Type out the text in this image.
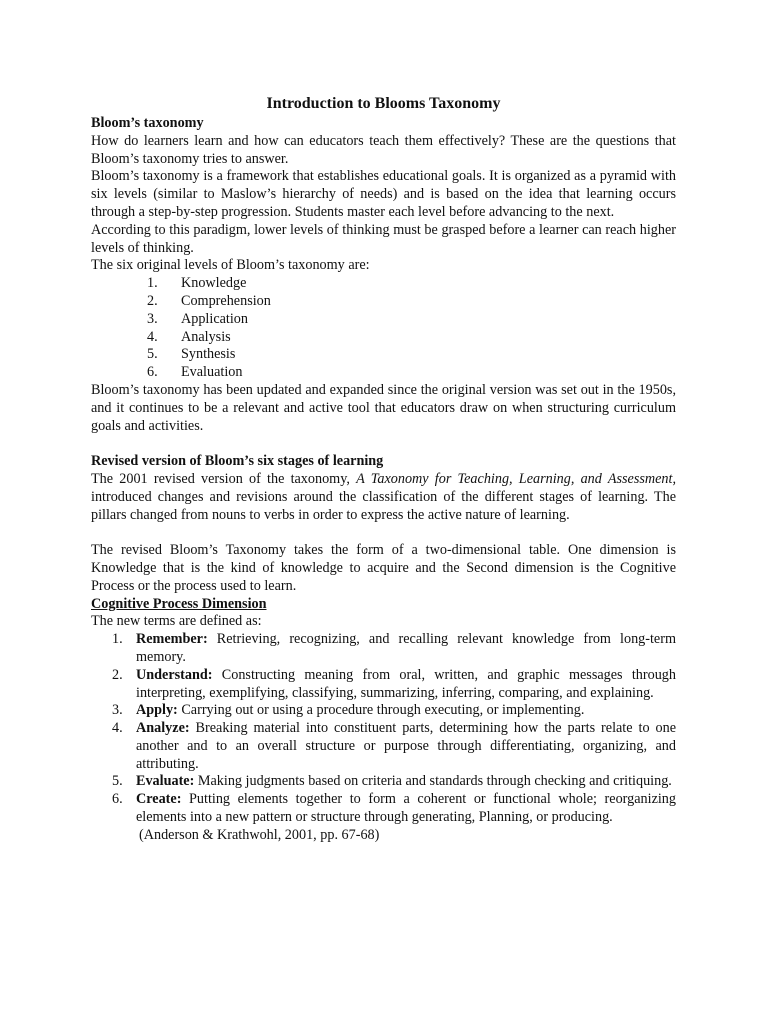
Introduction to Blooms Taxonomy
Bloom’s taxonomy

How do learners learn and how can educators teach them effectively? These are the questions that Bloom’s taxonomy tries to answer.

Bloom’s taxonomy is a framework that establishes educational goals. It is organized as a pyramid with six levels (similar to Maslow’s hierarchy of needs) and is based on the idea that learning occurs through a step-by-step progression. Students master each level before advancing to the next.

According to this paradigm, lower levels of thinking must be grasped before a learner can reach higher levels of thinking.

The six original levels of Bloom’s taxonomy are:

1. Knowledge
2. Comprehension
3. Application
4. Analysis
5. Synthesis
6. Evaluation

Bloom’s taxonomy has been updated and expanded since the original version was set out in the 1950s, and it continues to be a relevant and active tool that educators draw on when structuring curriculum goals and activities.

Revised version of Bloom’s six stages of learning

The 2001 revised version of the taxonomy, A Taxonomy for Teaching, Learning, and Assessment, introduced changes and revisions around the classification of the different stages of learning. The pillars changed from nouns to verbs in order to express the active nature of learning.

The revised Bloom’s Taxonomy takes the form of a two-dimensional table. One dimension is Knowledge that is the kind of knowledge to acquire and the Second dimension is the Cognitive Process or the process used to learn.

Cognitive Process Dimension

The new terms are defined as:

1. Remember: Retrieving, recognizing, and recalling relevant knowledge from long-term memory.
2. Understand: Constructing meaning from oral, written, and graphic messages through interpreting, exemplifying, classifying, summarizing, inferring, comparing, and explaining.
3. Apply: Carrying out or using a procedure through executing, or implementing.
4. Analyze: Breaking material into constituent parts, determining how the parts relate to one another and to an overall structure or purpose through differentiating, organizing, and attributing.
5. Evaluate: Making judgments based on criteria and standards through checking and critiquing.
6. Create: Putting elements together to form a coherent or functional whole; reorganizing elements into a new pattern or structure through generating, Planning, or producing.

(Anderson & Krathwohl, 2001, pp. 67-68)
